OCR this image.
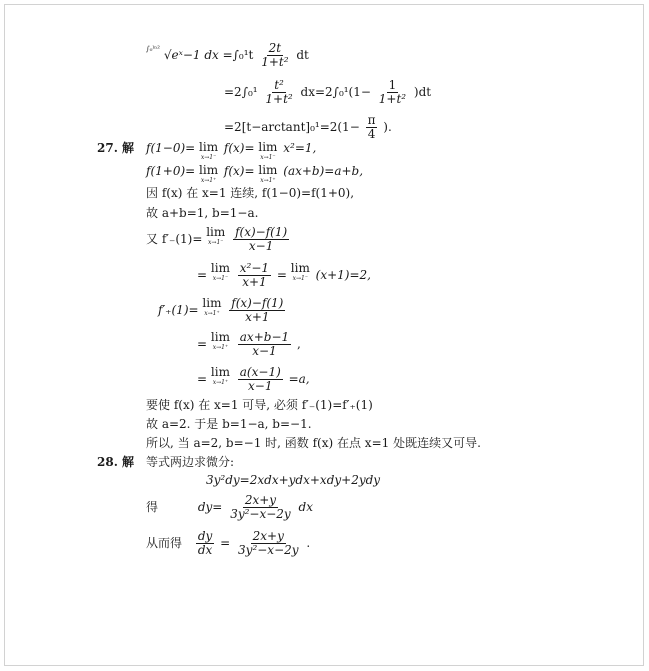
$^{\int_0ˡ^{n2}}$ √eˣ−1 dx $=\int_0^1t \frac{2t}{\text{1+t²}}$ dt
$=2\int_0^1 \frac{\text{t²}}{\text{1+t²}} dx=2\int_0^1(1- \frac{1}{\text{1+t²}} )dt$
$=2[t-\arctan t]_0^1=2(1- \frac{\pi}{4}$ ).
27. 解 f(1−0)= lim
x→1⁻
f(x)= lim
x→1⁻
x²=1,
f(1+0)= lim
x→1⁺
f(x)= lim
x→1⁺
(ax+b)=a+b,
因 f(x) 在 x=1 连续, f(1−0)=f(1+0),
故 a+b=1, b=1−a.
又 f′₋(1)= lim
x→1⁻
$\frac{f(x)-f(1)}{x-1}$
= lim
x→1⁻
$\frac{\text{x²−1}}{x+1} = \lim$
x→1⁻ (x+1)=2,
f′₊(1)= lim
x→1⁺
$\frac{f(x)-f(1)}{x+1}$
= lim
x→1⁺
$\frac{ax+b-1}{x-1}$ ,
= lim
x→1⁺
$\frac{a(x-1)}{x-1} =a$,
要使 f(x) 在 x=1 可导, 必须 f′₋(1)=f′₊(1)
故 a=2. 于是 b=1−a, b=−1.
所以, 当 a=2, b=−1 时, 函数 f(x) 在点 x=1 处既连续又可导.
28. 解 等式两边求微分:
3y²dy=2xdx+ydx+xdy+2ydy
得	$dy= \frac{2x+y}{\text{3y²−x−2y}}$ dx
从而得 $\frac{dy}{dx} = \frac{2x+y}{\text{3y²−x−2y}}$ .
